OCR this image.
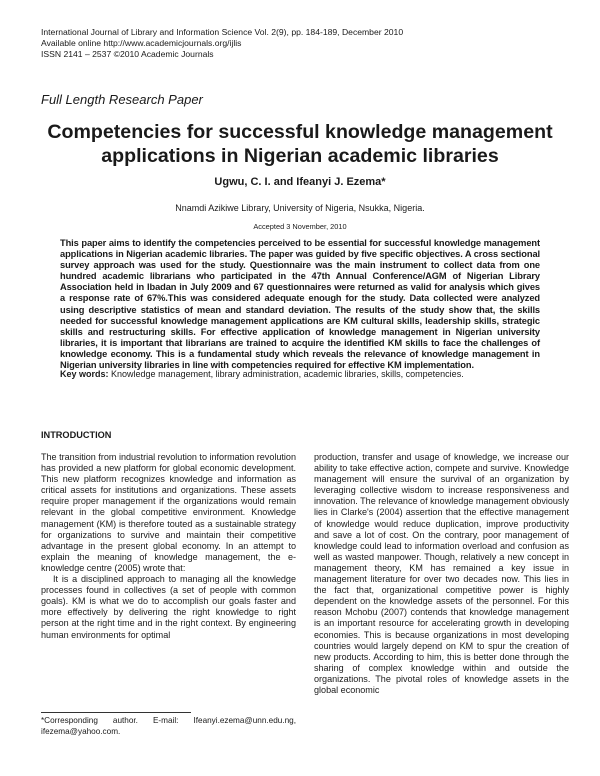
International Journal of Library and Information Science Vol. 2(9), pp. 184-189, December 2010
Available online http://www.academicjournals.org/ijlis
ISSN 2141 – 2537 ©2010 Academic Journals
Full Length Research Paper
Competencies for successful knowledge management applications in Nigerian academic libraries
Ugwu, C. I. and Ifeanyi J. Ezema*
Nnamdi Azikiwe Library, University of Nigeria, Nsukka, Nigeria.
Accepted 3 November, 2010
This paper aims to identify the competencies perceived to be essential for successful knowledge management applications in Nigerian academic libraries. The paper was guided by five specific objectives. A cross sectional survey approach was used for the study. Questionnaire was the main instrument to collect data from one hundred academic librarians who participated in the 47th Annual Conference/AGM of Nigerian Library Association held in Ibadan in July 2009 and 67 questionnaires were returned as valid for analysis which gives a response rate of 67%.This was considered adequate enough for the study. Data collected were analyzed using descriptive statistics of mean and standard deviation. The results of the study show that, the skills needed for successful knowledge management applications are KM cultural skills, leadership skills, strategic skills and restructuring skills. For effective application of knowledge management in Nigerian university libraries, it is important that librarians are trained to acquire the identified KM skills to face the challenges of knowledge economy. This is a fundamental study which reveals the relevance of knowledge management in Nigerian university libraries in line with competencies required for effective KM implementation.
Key words: Knowledge management, library administration, academic libraries, skills, competencies.
INTRODUCTION

The transition from industrial revolution to information revolution has provided a new platform for global economic development. This new platform recognizes knowledge and information as critical assets for institutions and organizations. These assets require proper management if the organizations would remain relevant in the global competitive environment. Knowledge management (KM) is therefore touted as a sustainable strategy for organizations to survive and maintain their competitive advantage in the present global economy. In an attempt to explain the meaning of knowledge management, the e-knowledge centre (2005) wrote that:

It is a disciplined approach to managing all the knowledge processes found in collectives (a set of people with common goals). KM is what we do to accomplish our goals faster and more effectively by delivering the right knowledge to right person at the right time and in the right context. By engineering human environments for optimal

production, transfer and usage of knowledge, we increase our ability to take effective action, compete and survive. Knowledge management will ensure the survival of an organization by leveraging collective wisdom to increase responsiveness and innovation. The relevance of knowledge management obviously lies in Clarke's (2004) assertion that the effective management of knowledge would reduce duplication, improve productivity and save a lot of cost. On the contrary, poor management of knowledge could lead to information overload and confusion as well as wasted manpower. Though, relatively a new concept in management theory, KM has remained a key issue in management literature for over two decades now. This lies in the fact that, organizational competitive power is highly dependent on the knowledge assets of the personnel. For this reason Mchobu (2007) contends that knowledge management is an important resource for accelerating growth in developing economies. This is because organizations in most developing countries would largely depend on KM to spur the creation of new products. According to him, this is better done through the sharing of complex knowledge within and outside the organizations. The pivotal roles of knowledge assets in the global economic

*Corresponding author. E-mail: Ifeanyi.ezema@unn.edu.ng, ifezema@yahoo.com.
